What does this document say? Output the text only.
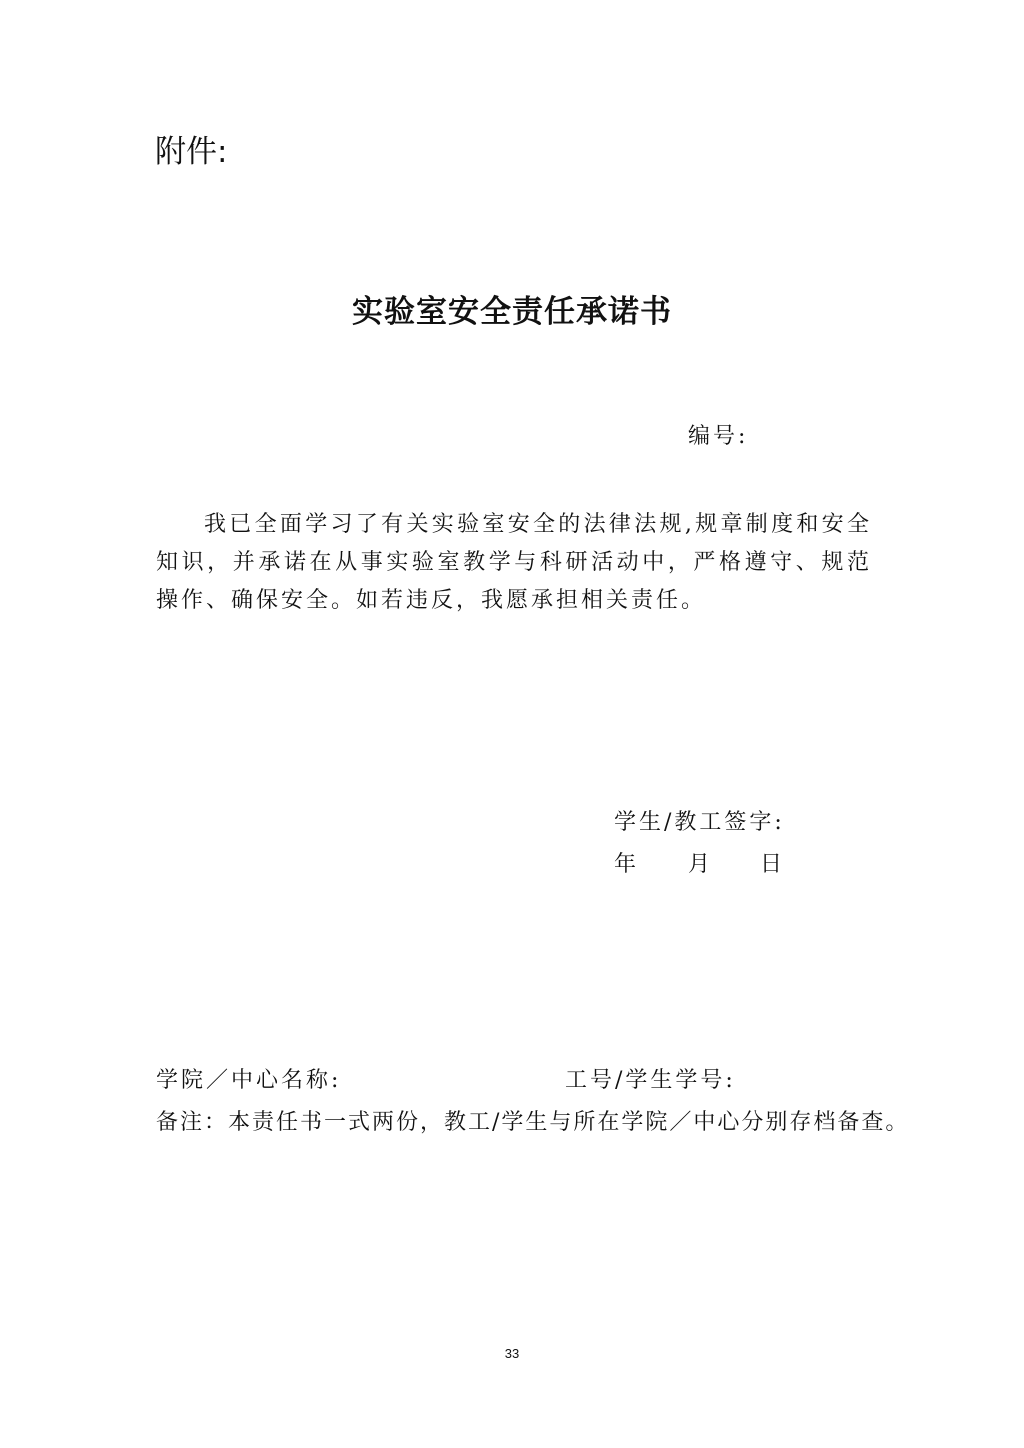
附件:
实验室安全责任承诺书
编号:
我已全面学习了有关实验室安全的法律法规,规章制度和安全知识，并承诺在从事实验室教学与科研活动中，严格遵守、规范操作、确保安全。如若违反，我愿承担相关责任。
学生/教工签字:
年 月 日
学院／中心名称:	工号/学生学号:
备注：本责任书一式两份，教工/学生与所在学院／中心分别存档备查。
33
